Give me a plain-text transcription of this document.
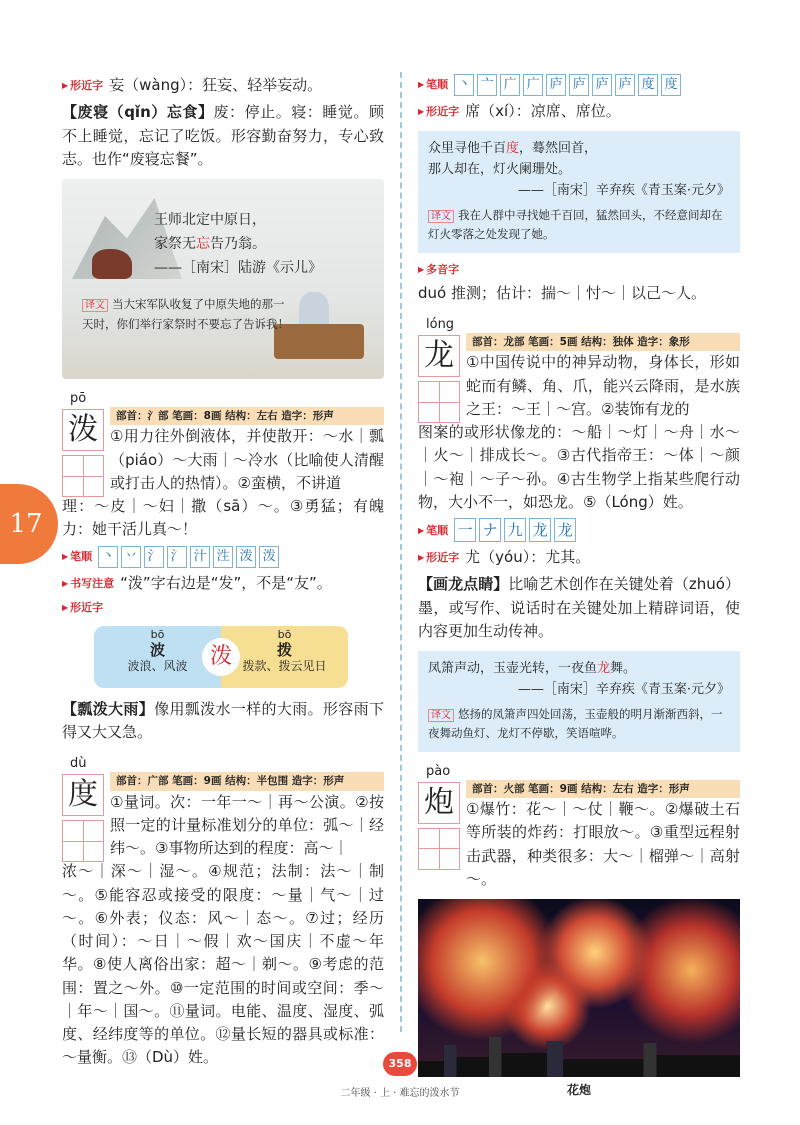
17
▶ 形近字 妄（wàng）：狂妄、轻举妄动。

【废寝（qǐn）忘食】废：停止。寝：睡觉。顾不上睡觉，忘记了吃饭。形容勤奋努力，专心致志。也作“废寝忘餐”。

王师北定中原日，
家祭无忘告乃翁。
——［南宋］陆游《示儿》
译文 当大宋军队收复了中原失地的那一天时，你们举行家祭时不要忘了告诉我！
pō
泼	部首：氵部 笔画：8画 结构：左右 造字：形声
①用力往外倒液体，并使散开：～水｜瓢（piáo）～大雨｜～冷水（比喻使人清醒或打击人的热情）。②蛮横，不讲道
理：～皮｜～妇｜撒（sā）～。③勇猛；有魄力：她干活儿真～！
▶ 笔顺 丶 丷 氵 氵 汁 泩 泼 泼
▶ 书写注意 “泼”字右边是“发”，不是“友”。
▶ 形近字
bō
波
波浪、风波	泼
bō
拨
拨款、拨云见日

【瓢泼大雨】像用瓢泼水一样的大雨。形容雨下得又大又急。

dù
度	部首：广部 笔画：9画 结构：半包围 造字：形声
①量词。次：一年一～｜再～公演。②按照一定的计量标准划分的单位：弧～｜经纬～。③事物所达到的程度：高～｜
浓～｜深～｜湿～。④规范；法制：法～｜制～。⑤能容忍或接受的限度：～量｜气～｜过～。⑥外表；仪态：风～｜态～。⑦过；经历（时间）：～日｜～假｜欢～国庆｜不虚～年华。⑧使人离俗出家：超～｜剃～。⑨考虑的范围：置之～外。⑩一定范围的时间或空间：季～｜年～｜国～。⑪量词。电能、温度、湿度、弧度、经纬度等的单位。⑫量长短的器具或标准：～量衡。⑬（Dù）姓。
▶ 笔顺 丶 亠 广 广 庐 庐 庐 庐 度 度
▶ 形近字 席（xí）：凉席、席位。
众里寻他千百度，蓦然回首，
那人却在，灯火阑珊处。
——［南宋］辛弃疾《青玉案·元夕》
译文 我在人群中寻找她千百回，猛然回头，不经意间却在灯火零落之处发现了她。
▶ 多音字

duó 推测；估计：揣～｜忖～｜以己～人。

lóng
龙	部首：龙部 笔画：5画 结构：独体 造字：象形
①中国传说中的神异动物，身体长，形如蛇而有鳞、角、爪，能兴云降雨，是水族之王：～王｜～宫。②装饰有龙的
图案的或形状像龙的：～船｜～灯｜～舟｜水～｜火～｜排成长～。③古代指帝王：～体｜～颜｜～袍｜～子～孙。④古生物学上指某些爬行动物，大小不一，如恐龙。⑤（Lóng）姓。
▶ 笔顺 一 ナ 九 龙 龙
▶ 形近字 尤（yóu）：尤其。

【画龙点睛】比喻艺术创作在关键处着（zhuó）墨，或写作、说话时在关键处加上精辟词语，使内容更加生动传神。

凤箫声动，玉壶光转，一夜鱼龙舞。
——［南宋］辛弃疾《青玉案·元夕》
译文 悠扬的凤箫声四处回荡，玉壶般的明月渐渐西斜，一夜舞动鱼灯、龙灯不停歇，笑语喧哗。
pào
炮	部首：火部 笔画：9画 结构：左右 造字：形声
①爆竹：花～｜～仗｜鞭～。②爆破土石等所装的炸药：打眼放～。③重型远程射击武器，种类很多：大～｜榴弹～｜高射～。
花炮
358
二年级 · 上 · 难忘的泼水节
